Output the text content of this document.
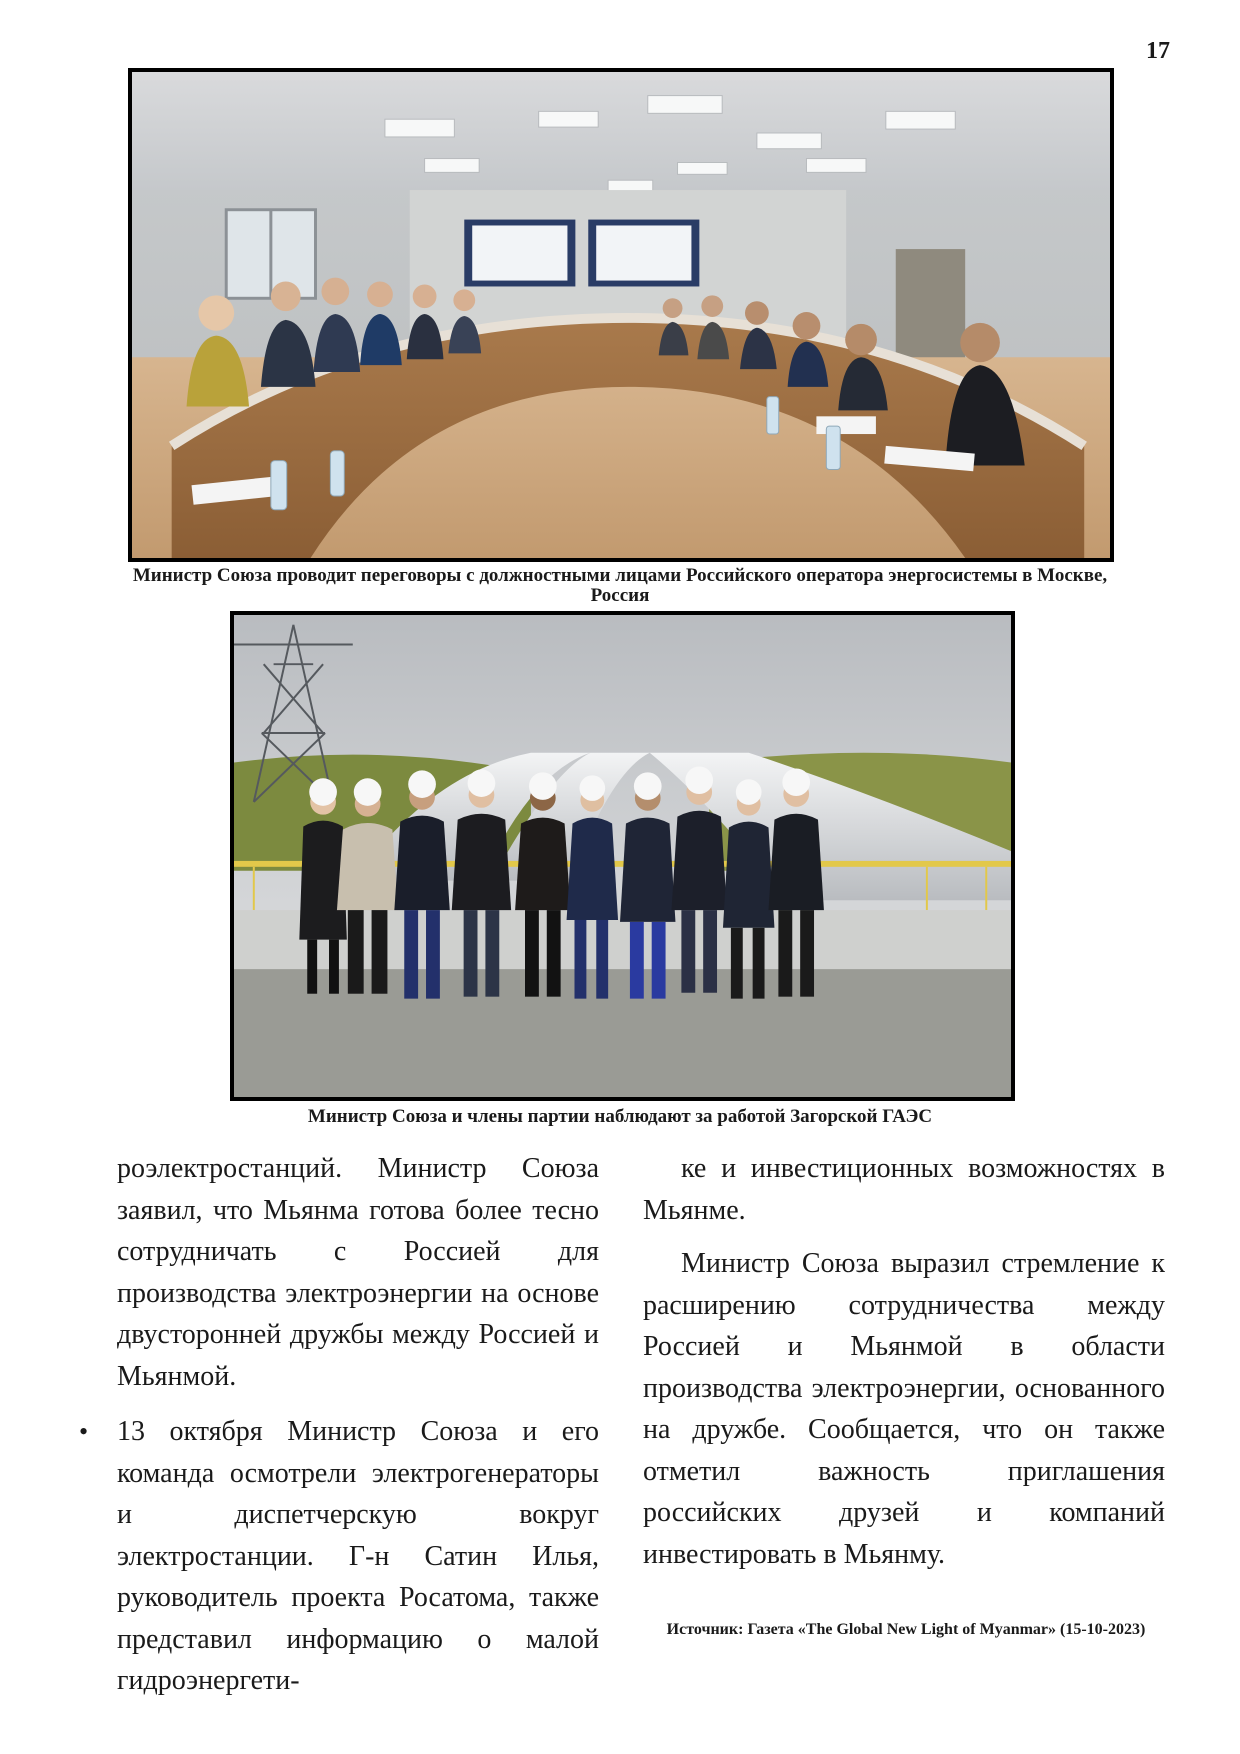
17
Министр Союза проводит переговоры с должностными лицами Российского оператора энергосистемы в Москве, Россия
Министр Союза и члены партии наблюдают за работой Загорской ГАЭС

роэлектростанций. Министр Союза заявил, что Мьянма готова более тесно сотрудничать с Россией для производства электроэнергии на основе двусторонней дружбы между Россией и Мьянмой.

• 13 октября Министр Союза и его команда осмотрели электрогенераторы и диспетчерскую вокруг электростанции. Г-н Сатин Илья, руководитель проекта Росатома, также представил информацию о малой гидроэнергети-

ке и инвестиционных возможностях в Мьянме.

Министр Союза выразил стремление к расширению сотрудничества между Россией и Мьянмой в области производства электроэнергии, основанного на дружбе. Сообщается, что он также отметил важность приглашения российских друзей и компаний инвестировать в Мьянму.

Источник: Газета «The Global New Light of Myanmar» (15-10-2023)
